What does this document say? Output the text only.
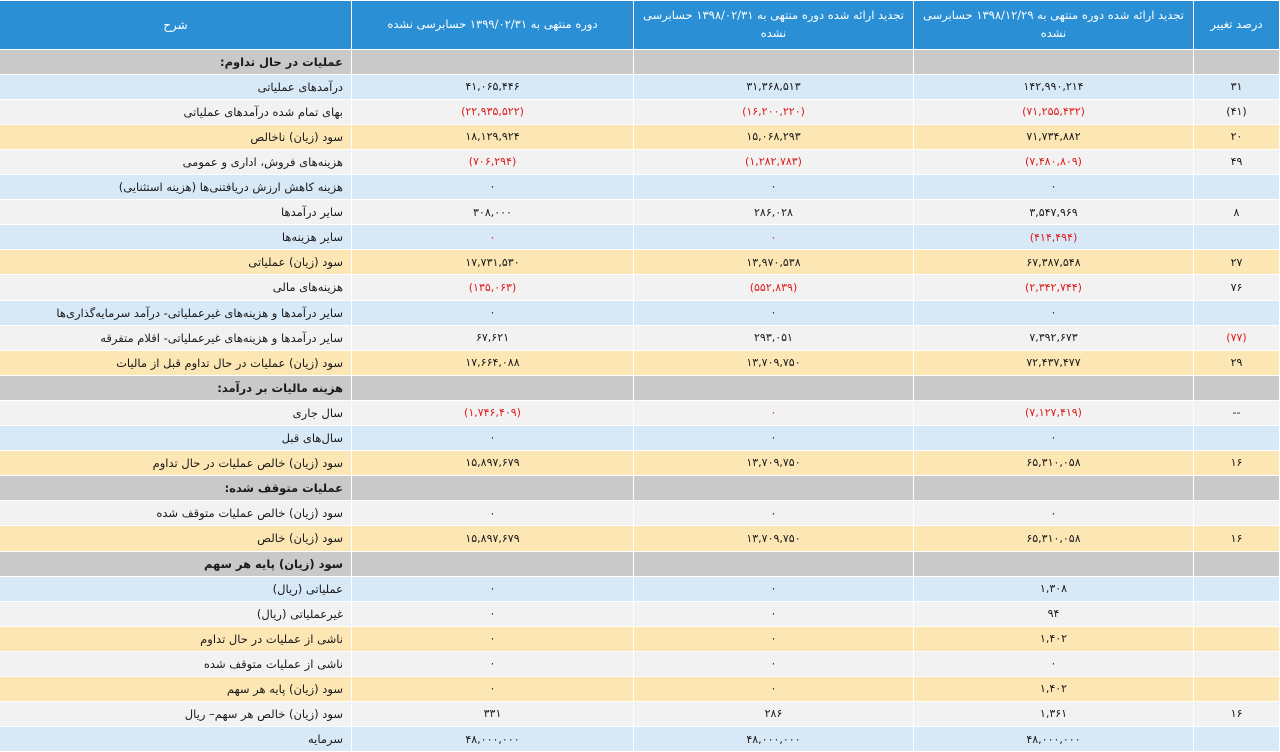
درصد تغییر	تجدید ارائه شده دوره منتهی به ۱۳۹۸/۱۲/۲۹ حسابرسی نشده	تجدید ارائه شده دوره منتهی به ۱۳۹۸/۰۲/۳۱ حسابرسی نشده	دوره منتهی به ۱۳۹۹/۰۲/۳۱ حسابرسی نشده	شرح
				عملیات در حال تداوم:
۳۱	۱۴۲,۹۹۰,۲۱۴	۳۱,۳۶۸,۵۱۳	۴۱,۰۶۵,۴۴۶	درآمدهای عملیاتی
(۴۱)	(۷۱,۲۵۵,۴۳۲)	(۱۶,۲۰۰,۲۲۰)	(۲۲,۹۳۵,۵۲۲)	بهای تمام شده درآمدهای عملیاتی
۲۰	۷۱,۷۳۴,۸۸۲	۱۵,۰۶۸,۲۹۳	۱۸,۱۲۹,۹۲۴	سود (زیان) ناخالص
۴۹	(۷,۴۸۰,۸۰۹)	(۱,۲۸۲,۷۸۳)	(۷۰۶,۲۹۴)	هزینه‌های فروش، اداری و عمومی
	۰	۰	۰	هزینه کاهش ارزش دریافتنی‌ها (هزینه استثنایی)
۸	۳,۵۴۷,۹۶۹	۲۸۶,۰۲۸	۳۰۸,۰۰۰	سایر درآمدها
	(۴۱۴,۴۹۴)	۰	۰	سایر هزینه‌ها
۲۷	۶۷,۳۸۷,۵۴۸	۱۳,۹۷۰,۵۳۸	۱۷,۷۳۱,۵۳۰	سود (زیان) عملیاتی
۷۶	(۲,۳۴۲,۷۴۴)	(۵۵۲,۸۳۹)	(۱۳۵,۰۶۳)	هزینه‌های مالی
	۰	۰	۰	سایر درآمدها و هزینه‌های غیرعملیاتی- درآمد سرمایه‌گذاری‌ها
(۷۷)	۷,۳۹۲,۶۷۳	۲۹۳,۰۵۱	۶۷,۶۲۱	سایر درآمدها و هزینه‌های غیرعملیاتی- اقلام متفرقه
۲۹	۷۲,۴۳۷,۴۷۷	۱۳,۷۰۹,۷۵۰	۱۷,۶۶۴,۰۸۸	سود (زیان) عملیات در حال تداوم قبل از مالیات
				هزینه مالیات بر درآمد:
--	(۷,۱۲۷,۴۱۹)	۰	(۱,۷۴۶,۴۰۹)	سال جاری
	۰	۰	۰	سال‌های قبل
۱۶	۶۵,۳۱۰,۰۵۸	۱۳,۷۰۹,۷۵۰	۱۵,۸۹۷,۶۷۹	سود (زیان) خالص عملیات در حال تداوم
				عملیات متوقف شده:
	۰	۰	۰	سود (زیان) خالص عملیات متوقف شده
۱۶	۶۵,۳۱۰,۰۵۸	۱۳,۷۰۹,۷۵۰	۱۵,۸۹۷,۶۷۹	سود (زیان) خالص
				سود (زیان) پایه هر سهم
	۱,۳۰۸	۰	۰	عملیاتی (ریال)
	۹۴	۰	۰	غیرعملیاتی (ریال)
	۱,۴۰۲	۰	۰	ناشی از عملیات در حال تداوم
	۰	۰	۰	ناشی از عملیات متوقف شده
	۱,۴۰۲	۰	۰	سود (زیان) پایه هر سهم
۱۶	۱,۳۶۱	۲۸۶	۳۳۱	سود (زیان) خالص هر سهم– ریال
	۴۸,۰۰۰,۰۰۰	۴۸,۰۰۰,۰۰۰	۴۸,۰۰۰,۰۰۰	سرمایه
